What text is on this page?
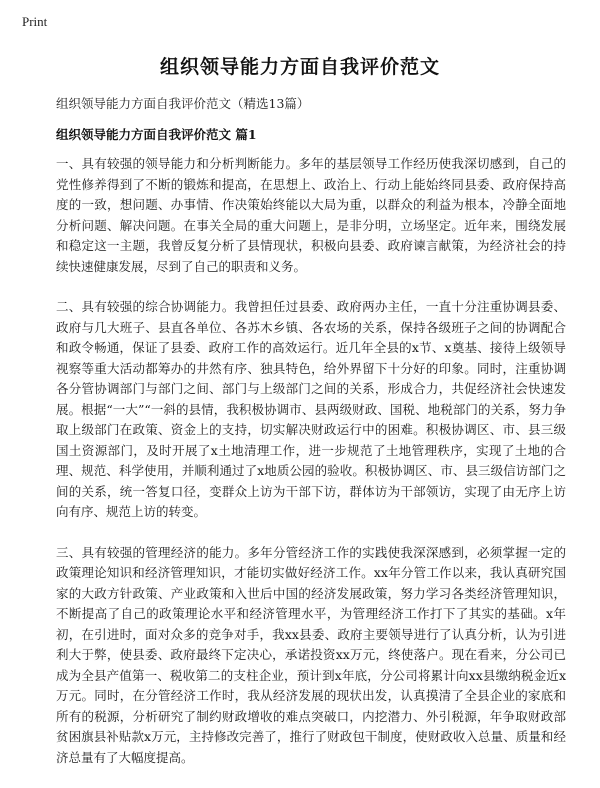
Print
组织领导能力方面自我评价范文
组织领导能力方面自我评价范文（精选13篇）
组织领导能力方面自我评价范文 篇1

一、具有较强的领导能力和分析判断能力。多年的基层领导工作经历使我深切感到，自己的党性修养得到了不断的锻炼和提高，在思想上、政治上、行动上能始终同县委、政府保持高度的一致，想问题、办事情、作决策始终能以大局为重，以群众的利益为根本，冷静全面地分析问题、解决问题。在事关全局的重大问题上，是非分明，立场坚定。近年来，围绕发展和稳定这一主题，我曾反复分析了县情现状，积极向县委、政府谏言献策，为经济社会的持续快速健康发展，尽到了自己的职责和义务。

二、具有较强的综合协调能力。我曾担任过县委、政府两办主任，一直十分注重协调县委、政府与几大班子、县直各单位、各苏木乡镇、各农场的关系，保持各级班子之间的协调配合和政令畅通，保证了县委、政府工作的高效运行。近几年全县的x节、x奠基、接待上级领导视察等重大活动都筹办的井然有序、独具特色，给外界留下十分好的印象。同时，注重协调各分管协调部门与部门之间、部门与上级部门之间的关系，形成合力，共促经济社会快速发展。根据“一大”“一斜的县情，我积极协调市、县两级财政、国税、地税部门的关系，努力争取上级部门在政策、资金上的支持，切实解决财政运行中的困难。积极协调区、市、县三级国土资源部门，及时开展了x土地清理工作，进一步规范了土地管理秩序，实现了土地的合理、规范、科学使用，并顺利通过了x地质公园的验收。积极协调区、市、县三级信访部门之间的关系，统一答复口径，变群众上访为干部下访，群体访为干部领访，实现了由无序上访向有序、规范上访的转变。

三、具有较强的管理经济的能力。多年分管经济工作的实践使我深深感到，必须掌握一定的政策理论知识和经济管理知识，才能切实做好经济工作。xx年分管工作以来，我认真研究国家的大政方针政策、产业政策和入世后中国的经济发展政策，努力学习各类经济管理知识，不断提高了自己的政策理论水平和经济管理水平，为管理经济工作打下了其实的基础。x年初，在引进时，面对众多的竞争对手，我xx县委、政府主要领导进行了认真分析，认为引进利大于弊，使县委、政府最终下定决心，承诺投资xx万元，终使落户。现在看来，分公司已成为全县产值第一、税收第二的支柱企业，预计到x年底，分公司将累计向xx县缴纳税金近x万元。同时，在分管经济工作时，我从经济发展的现状出发，认真摸清了全县企业的家底和所有的税源，分析研究了制约财政增收的难点突破口，内挖潜力、外引税源，年争取财政部贫困旗县补贴款x万元，主持修改完善了，推行了财政包干制度，使财政收入总量、质量和经济总量有了大幅度提高。
